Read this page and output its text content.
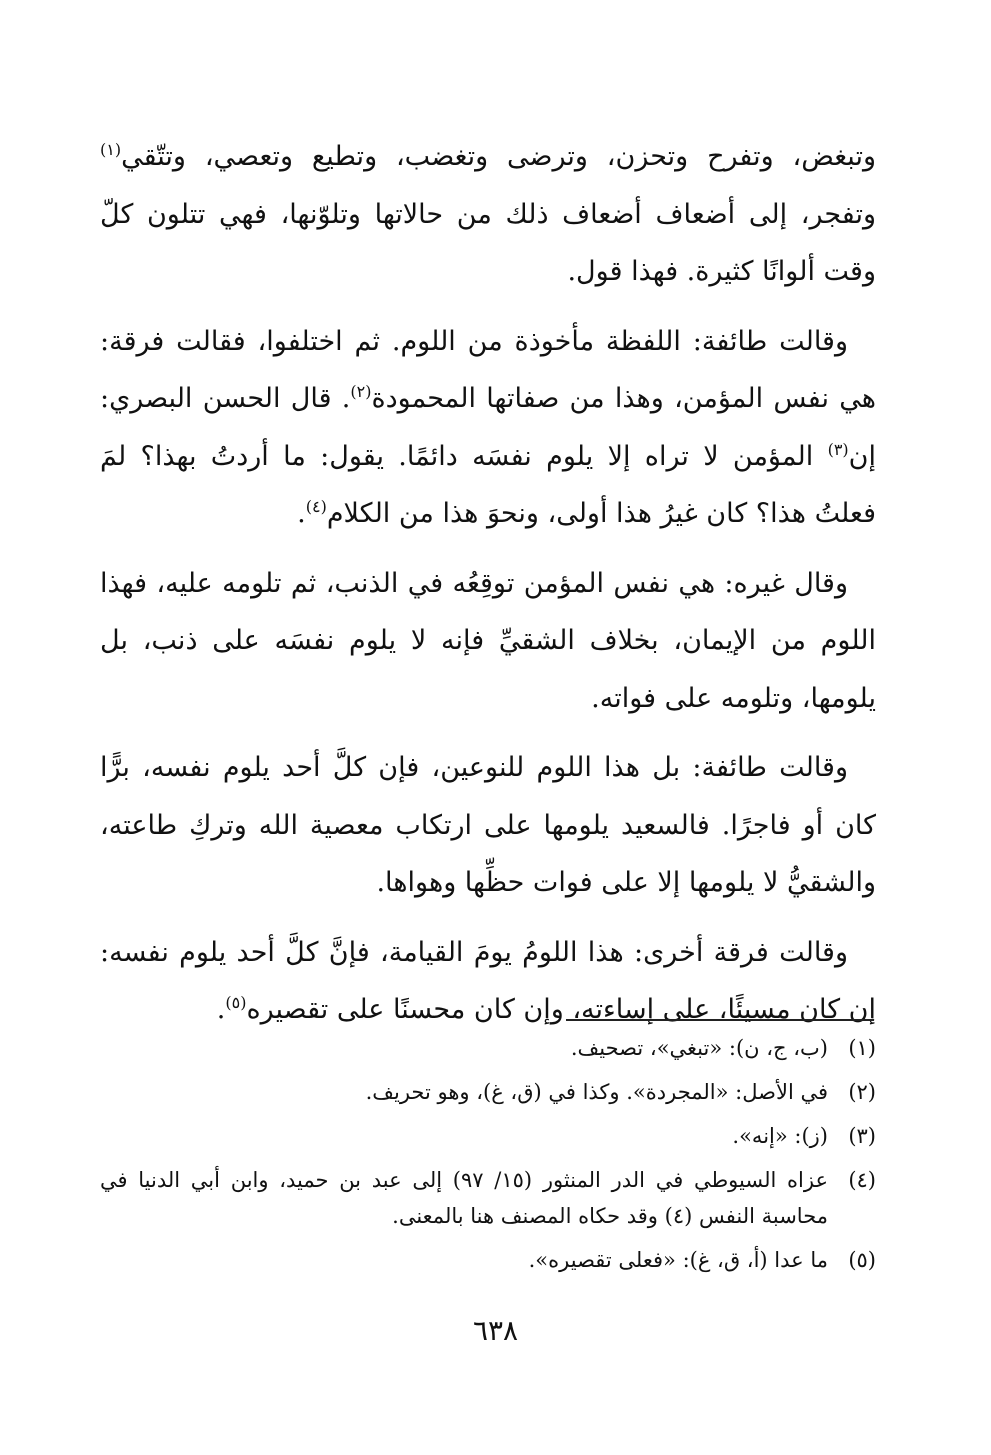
وتبغض، وتفرح وتحزن، وترضى وتغضب، وتطيع وتعصي، وتتّقي$^{(١)}$ وتفجر، إلى أضعاف أضعاف ذلك من حالاتها وتلوّنها، فهي تتلون كلّ وقت ألوانًا كثيرة. فهذا قول.

وقالت طائفة: اللفظة مأخوذة من اللوم. ثم اختلفوا، فقالت فرقة: هي نفس المؤمن، وهذا من صفاتها المحمودة$^{(٢)}$. قال الحسن البصري: إن$^{(٣)}$ المؤمن لا تراه إلا يلوم نفسَه دائمًا. يقول: ما أردتُ بهذا؟ لمَ فعلتُ هذا؟ كان غيرُ هذا أولى، ونحوَ هذا من الكلام$^{(٤)}$.

وقال غيره: هي نفس المؤمن توقِعُه في الذنب، ثم تلومه عليه، فهذا اللوم من الإيمان، بخلاف الشقيِّ فإنه لا يلوم نفسَه على ذنب، بل يلومها، وتلومه على فواته.

وقالت طائفة: بل هذا اللوم للنوعين، فإن كلَّ أحد يلوم نفسه، برًّا كان أو فاجرًا. فالسعيد يلومها على ارتكاب معصية الله وتركِ طاعته، والشقيُّ لا يلومها إلا على فوات حظِّها وهواها.

وقالت فرقة أخرى: هذا اللومُ يومَ القيامة، فإنَّ كلَّ أحد يلوم نفسه: إن كان مسيئًا، على إساءته، وإن كان محسنًا على تقصيره$^{(٥)}$.

(١)
(ب، ج، ن): «تبغي»، تصحيف.
(٢)
في الأصل: «المجردة». وكذا في (ق، غ)، وهو تحريف.
(٣)
(ز): «إنه».
(٤)
عزاه السيوطي في الدر المنثور (١٥/ ٩٧) إلى عبد بن حميد، وابن أبي الدنيا في محاسبة النفس (٤) وقد حكاه المصنف هنا بالمعنى.
(٥)
ما عدا (أ، ق، غ): «فعلى تقصيره».
٦٣٨
